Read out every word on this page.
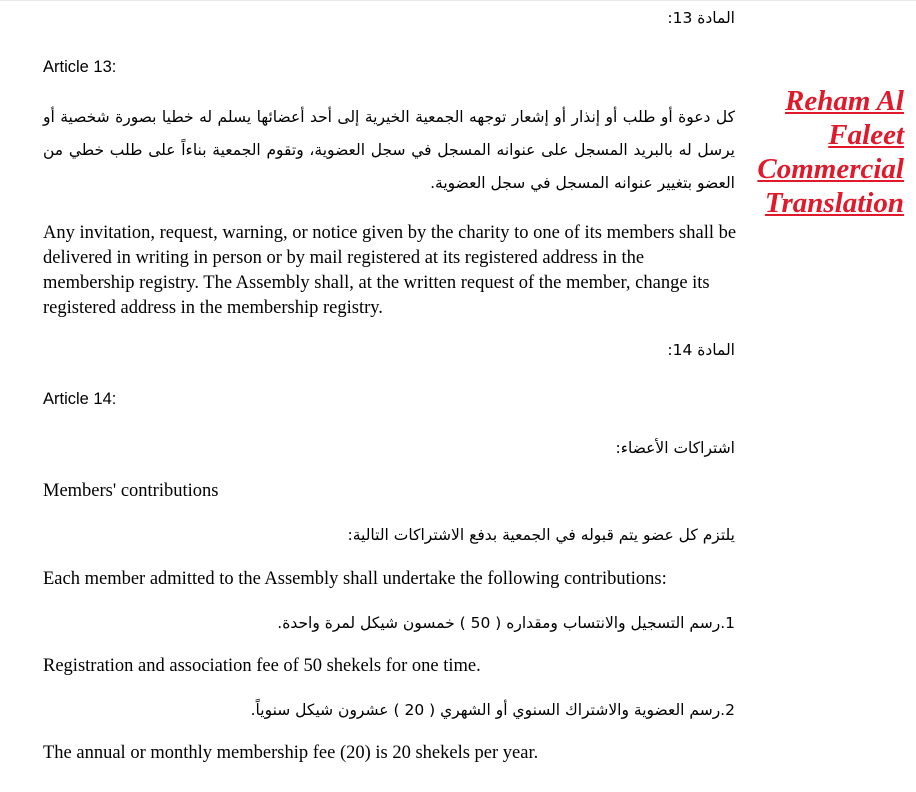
Reham Al
Faleet
Commercial
Translation
المادة 13:
Article 13:
كل دعوة أو طلب أو إنذار أو إشعار توجهه الجمعية الخيرية إلى أحد أعضائها يسلم له خطيا بصورة شخصية أو يرسل له بالبريد المسجل على عنوانه المسجل في سجل العضوية، وتقوم الجمعية بناءاً على طلب خطي من العضو بتغيير عنوانه المسجل في سجل العضوية.
Any invitation, request, warning, or notice given by the charity to one of its members shall be delivered in writing in person or by mail registered at its registered address in the membership registry. The Assembly shall, at the written request of the member, change its registered address in the membership registry.
المادة 14:
Article 14:
اشتراكات الأعضاء:
Members' contributions
يلتزم كل عضو يتم قبوله في الجمعية بدفع الاشتراكات التالية:
Each member admitted to the Assembly shall undertake the following contributions:
1.رسم التسجيل والانتساب ومقداره ( 50 ) خمسون شيكل لمرة واحدة.
Registration and association fee of 50 shekels for one time.
2.رسم العضوية والاشتراك السنوي أو الشهري ( 20 ) عشرون شيكل سنوياً.
The annual or monthly membership fee (20) is 20 shekels per year.
